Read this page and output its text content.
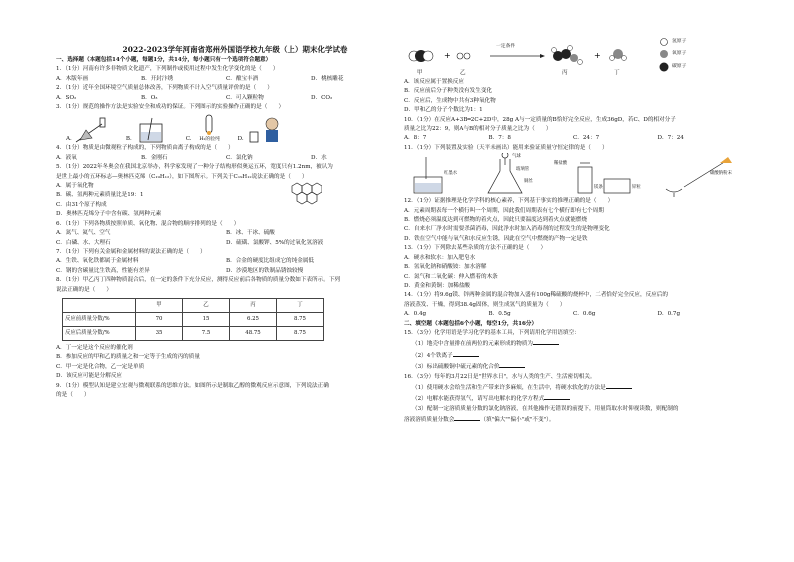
2022-2023学年河南省郑州外国语学校九年级（上）期末化学试卷
一、选择题（本题包括14个小题，每题1分，共14分，每小题只有一个选项符合题意）
1．（1分）河南有许多非物质文化遗产，下列制作或使用过程中发生化学变化的是（　　）
A．木版年画	B．开封汴绣	C．酿宝丰酒	D．桃核雕花
2．（1分）近年全国环境空气质量总体改善，下列物质不计入空气质量评价的是（　　）
A．SO₂	B．O₃	C．可入颗粒物	D．CO₂
3．（1分）规范的操作方法是实验安全和成功的保证。下列图示的实验操作正确的是（　　）
A.	B.	C. H₂的验纯	D.
4．（1分）物质是由微观粒子构成的，下列物质由离子构成的是（　　）
A．液氧	B．金刚石	C．氯化钠	D．水
5．（1分）2022年冬奥会在我国北京举办，科学家发现了一种分子结构形似奥运五环，宽度只有1.2nm，被认为
是世上最小的五环标志—奥林匹克烯（C₁₉H₁₂），如下图所示。下列关于C₁₉H₁₂说法正确的是（　　）
A．属于氧化物
B．碳、氢两种元素质量比是19：1
C．由31个原子构成
D．奥林匹克烯分子中含有碳、氢两种元素
6．（1分）下列各物质按照单质、氧化物、混合物的顺序排列的是（　　）
A．氮气、氦气、空气	B．冰、干冰、硫酸
C．白磷、水、大理石	D．硫磺、氯酸钾、5%的过氧化氢溶液
7．（1分）下列有关金属和金属材料的说法正确的是（　　）
A．生铁、氧化铁都属于金属材料	B．合金的硬度比组成它的纯金属低
C．钢的含碳量比生铁高，性能有差异	D．沙漠地区的铁制品锈蚀较慢
8．（1分）甲乙丙丁四种物质混合后，在一定的条件下充分反应，测得反应前后各物质的质量分数如下表所示。下列
说法正确的是（　　）
	甲	乙	丙	丁
反应前质量分数/%	70	15	6.25	8.75
反应后质量分数/%	35	7.5	48.75	8.75
A．丁一定是这个反应的催化剂
B．参加反应的甲和乙的质量之和一定等于生成的丙的质量
C．甲一定是化合物，乙一定是单质
D．该反应可能是分解反应
9．（1分）模型认知是建立宏观与微观联系的思维方法。如图所示是制取乙醇的微观反应示意图，下列说法正确
的是（　　）
+	+
一定条件
甲	乙	丙	丁
氢原子
氧原子
碳原子
A．该反应属于置换反应
B．反应前后分子种类没有发生变化
C．反应后，生成物中共有3种氧化物
D．甲和乙的分子个数比为1：1
10．（1分）在反应A+3B═2C+2D中，28g A与一定质量的B恰好完全反应，生成36gD，若C、D的相对分子
质量之比为22：9，则A与B的相对分子质量之比为（　　）
A．8：7	B．7：8	C．24：7	D．7：24
11．（1分）下列装置及实验（天平未画出）能用来验证质量守恒定律的是（　　）
红墨水
气球
玻璃管
铜丝
稀盐酸
镁条	锌粒
碳酸钠粉末
12．（1分）证据推理是化学学科的核心素养，下列基于事实的推理正确的是（　　）
A．元素周期表每一个横行叫一个周期，因此我们周期表有七个横行即有七个周期
B．燃烧必须温度达到可燃物的着火点，因此只要温度达到着火点就能燃烧
C．自来水厂净水时需要杀菌消毒，因此净水时加入消毒剂的过程发生的是物理变化
D．铁在空气中能与氧气和水反应生锈，因此在空气中燃烧的产物一定是铁
13．（1分）下列除去某些杂质的方法不正确的是（　　）
A．硬水和软水：加入肥皂水
B．氢氧化钠和硝酸铵：加水溶解
C．氮气和二氧化碳：伸入燃着的木条
D．黄金和黄铜：加稀盐酸
14．（1分）将9.6g镁、锌两种金属的混合物加入盛有100g稀硫酸的烧杯中，二者恰好完全反应，反应后的
溶液蒸发、干燥，得到38.4g固体，则生成氢气的质量为（　　）
A．0.4g	B．0.5g	C．0.6g	D．0.7g
二、填空题（本题包括6个小题，每空1分，共16分）
15．（3分）化学用语是学习化学的基本工具，下列请用化学用语填空：
（1）地壳中含量排在前两位的元素形成的物质为
（2）4个铁离子
（3）标出硫酸铜中硫元素的化合价
16．（3分）每年的3月22日是"世界水日"，水与人类的生产、生活密切相关。
（1）使用硬水会给生活和生产带来许多麻烦，在生活中，将硬水软化的方法是
（2）电解水能获得氢气，请写出电解水的化学方程式
（3）配制一定溶质质量分数的氯化钠溶液，在其他操作无错误的前提下，用量筒取水时仰视读数，则配制的
溶液溶质质量分数会	（填"偏大""偏小"或"不变"）。
